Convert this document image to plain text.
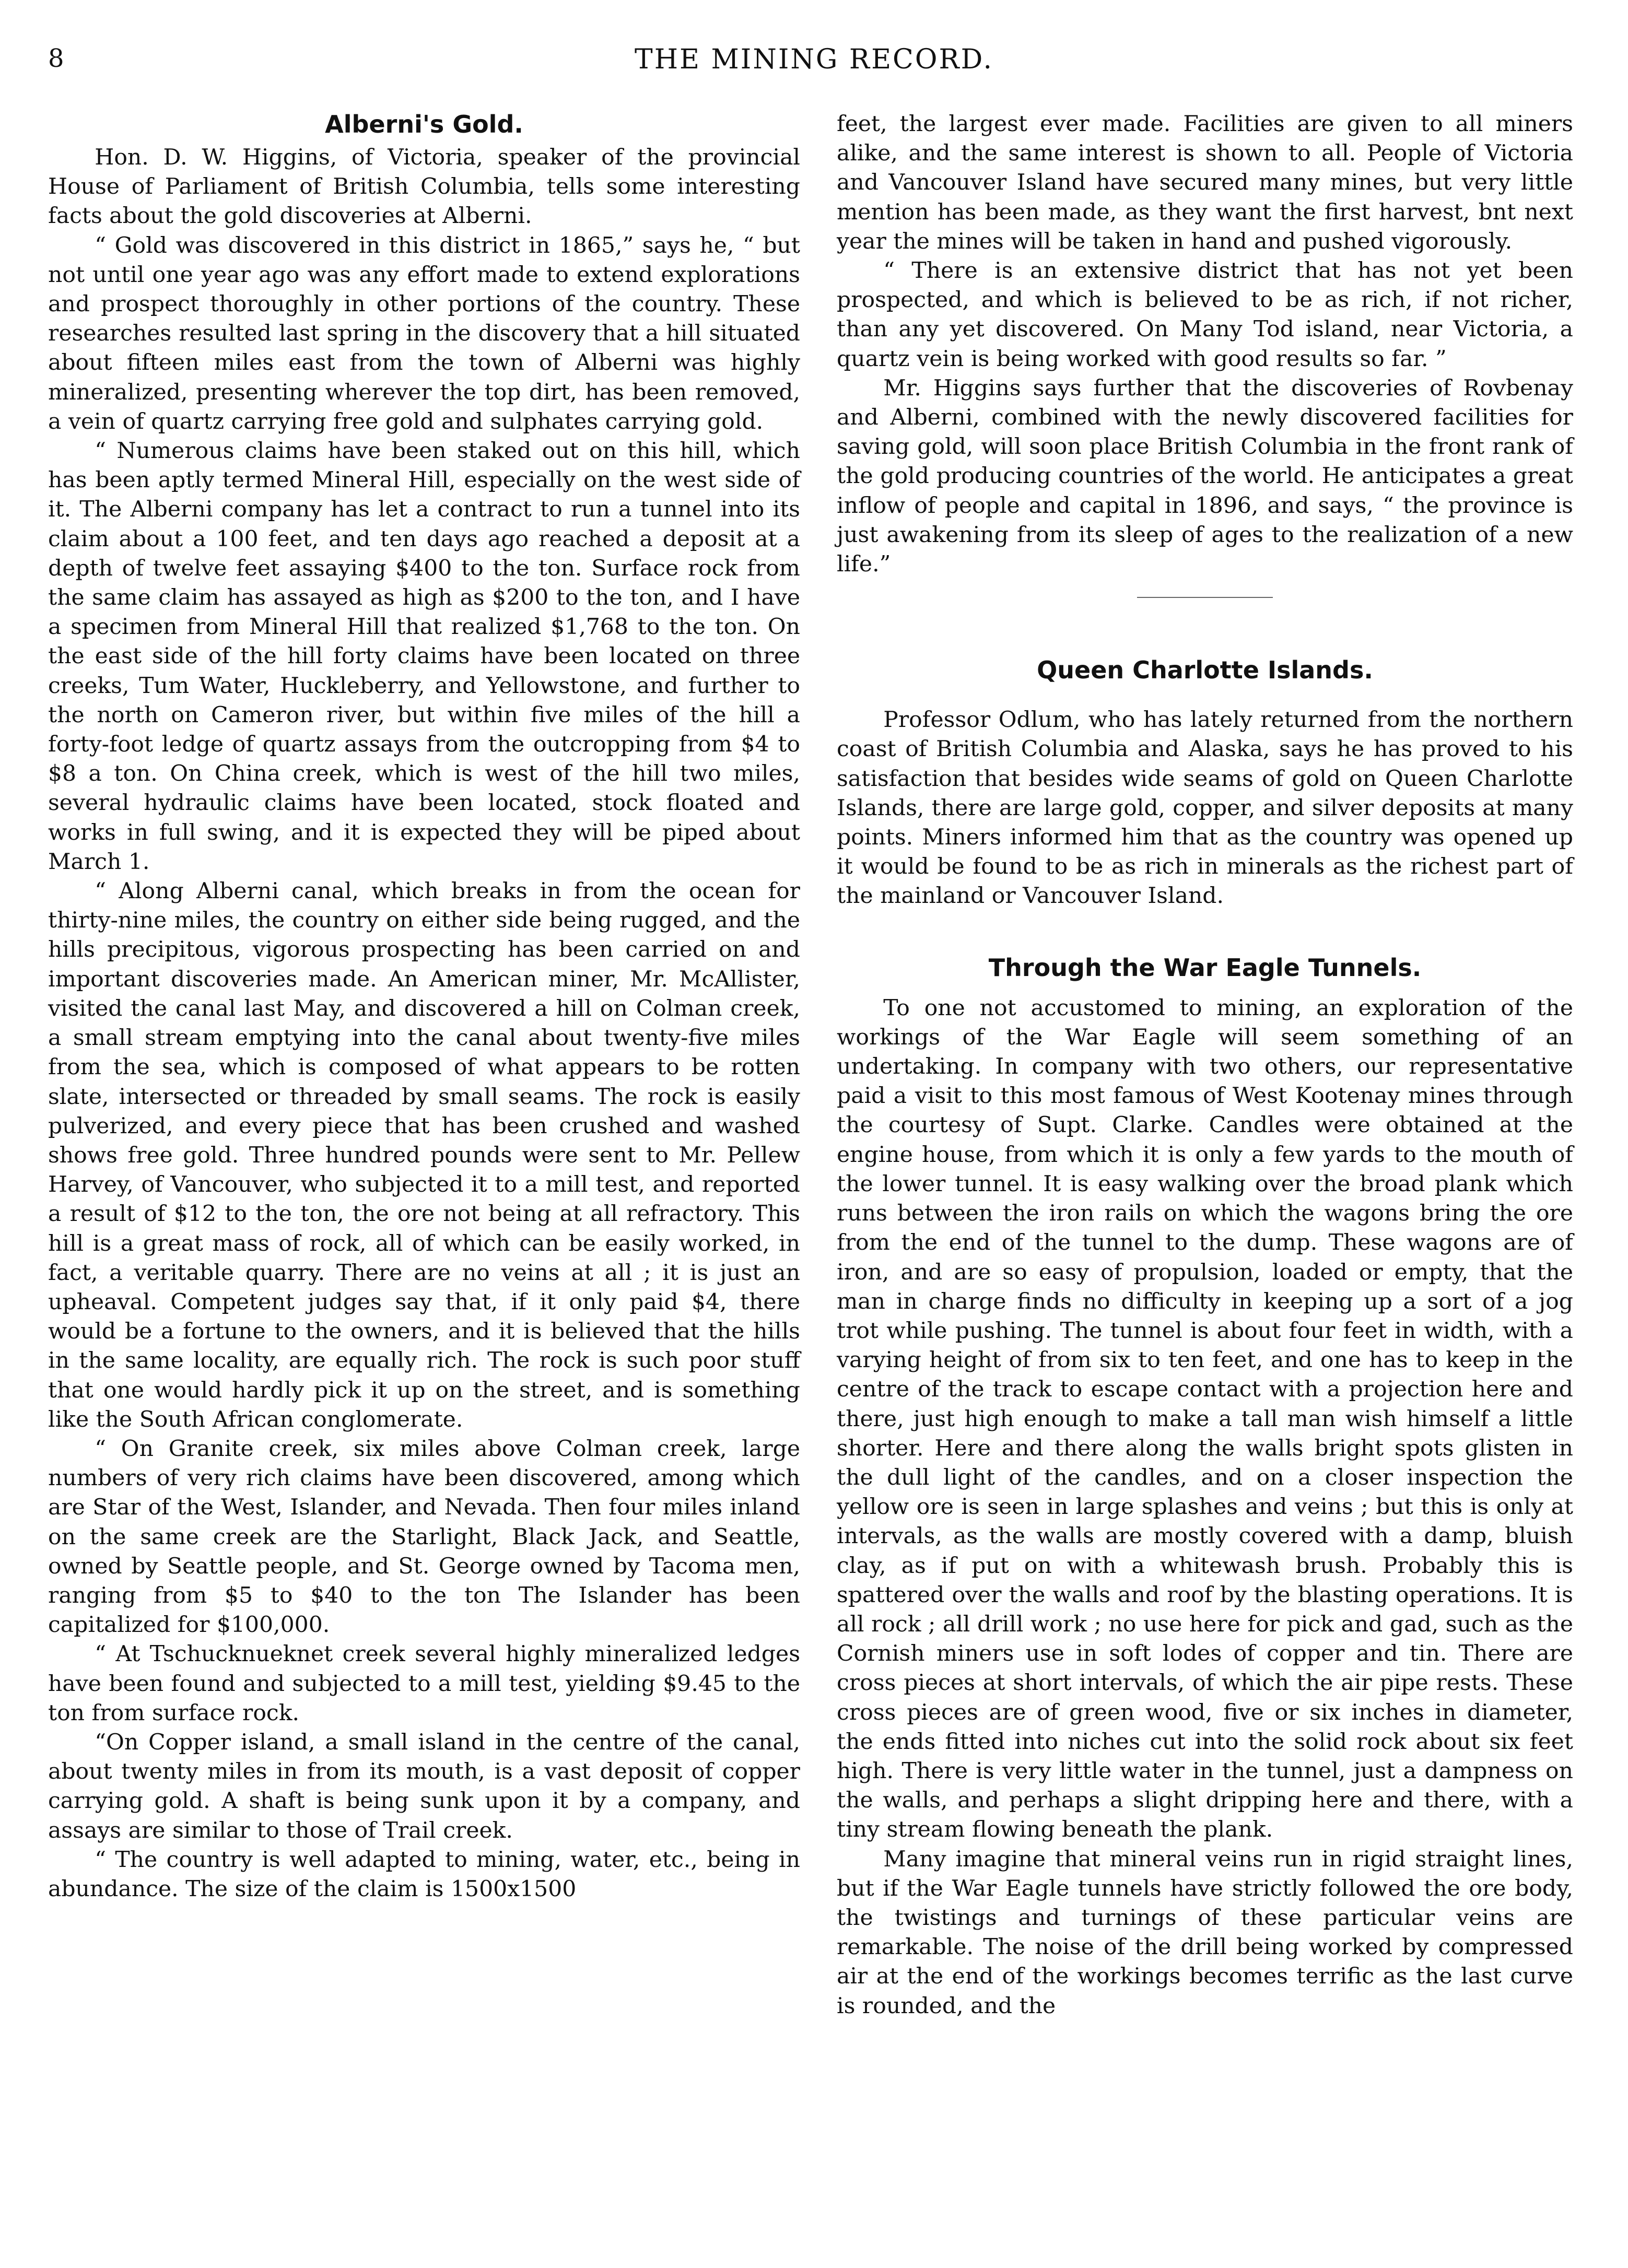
8	THE MINING RECORD.
Alberni's Gold.

Hon. D. W. Higgins, of Victoria, speaker of the provincial House of Parliament of British Columbia, tells some interesting facts about the gold discoveries at Alberni.

“ Gold was discovered in this district in 1865,” says he, “ but not until one year ago was any effort made to extend explorations and prospect thoroughly in other portions of the country. These researches resulted last spring in the discovery that a hill situated about fifteen miles east from the town of Alberni was highly mineralized, presenting wherever the top dirt, has been removed, a vein of quartz carrying free gold and sulphates carrying gold.

“ Numerous claims have been staked out on this hill, which has been aptly termed Mineral Hill, especially on the west side of it. The Alberni company has let a contract to run a tunnel into its claim about a 100 feet, and ten days ago reached a deposit at a depth of twelve feet assaying $400 to the ton. Surface rock from the same claim has assayed as high as $200 to the ton, and I have a specimen from Mineral Hill that realized $1,768 to the ton. On the east side of the hill forty claims have been located on three creeks, Tum Water, Huckleberry, and Yellowstone, and further to the north on Cameron river, but within five miles of the hill a forty-foot ledge of quartz assays from the outcropping from $4 to $8 a ton. On China creek, which is west of the hill two miles, several hydraulic claims have been located, stock floated and works in full swing, and it is expected they will be piped about March 1.

“ Along Alberni canal, which breaks in from the ocean for thirty-nine miles, the country on either side being rugged, and the hills precipitous, vigorous prospecting has been carried on and important discoveries made. An American miner, Mr. McAllister, visited the canal last May, and discovered a hill on Colman creek, a small stream emptying into the canal about twenty-five miles from the sea, which is composed of what appears to be rotten slate, intersected or threaded by small seams. The rock is easily pulverized, and every piece that has been crushed and washed shows free gold. Three hundred pounds were sent to Mr. Pellew Harvey, of Vancouver, who subjected it to a mill test, and reported a result of $12 to the ton, the ore not being at all refractory. This hill is a great mass of rock, all of which can be easily worked, in fact, a veritable quarry. There are no veins at all ; it is just an upheaval. Competent judges say that, if it only paid $4, there would be a fortune to the owners, and it is believed that the hills in the same locality, are equally rich. The rock is such poor stuff that one would hardly pick it up on the street, and is something like the South African conglomerate.

“ On Granite creek, six miles above Colman creek, large numbers of very rich claims have been discovered, among which are Star of the West, Islander, and Nevada. Then four miles inland on the same creek are the Starlight, Black Jack, and Seattle, owned by Seattle people, and St. George owned by Tacoma men, ranging from $5 to $40 to the ton The Islander has been capitalized for $100,000.

“ At Tschucknueknet creek several highly mineralized ledges have been found and subjected to a mill test, yielding $9.45 to the ton from surface rock.

“On Copper island, a small island in the centre of the canal, about twenty miles in from its mouth, is a vast deposit of copper carrying gold. A shaft is being sunk upon it by a company, and assays are similar to those of Trail creek.

“ The country is well adapted to mining, water, etc., being in abundance. The size of the claim is 1500x1500

feet, the largest ever made. Facilities are given to all miners alike, and the same interest is shown to all. People of Victoria and Vancouver Island have secured many mines, but very little mention has been made, as they want the first harvest, bnt next year the mines will be taken in hand and pushed vigorously.

“ There is an extensive district that has not yet been prospected, and which is believed to be as rich, if not richer, than any yet discovered. On Many Tod island, near Victoria, a quartz vein is being worked with good results so far. ”

Mr. Higgins says further that the discoveries of Rovbenay and Alberni, combined with the newly discovered facilities for saving gold, will soon place British Columbia in the front rank of the gold producing countries of the world. He anticipates a great inflow of people and capital in 1896, and says, “ the province is just awakening from its sleep of ages to the realization of a new life.”

Queen Charlotte Islands.

Professor Odlum, who has lately returned from the northern coast of British Columbia and Alaska, says he has proved to his satisfaction that besides wide seams of gold on Queen Charlotte Islands, there are large gold, copper, and silver deposits at many points. Miners informed him that as the country was opened up it would be found to be as rich in minerals as the richest part of the mainland or Vancouver Island.

Through the War Eagle Tunnels.

To one not accustomed to mining, an exploration of the workings of the War Eagle will seem something of an undertaking. In company with two others, our representative paid a visit to this most famous of West Kootenay mines through the courtesy of Supt. Clarke. Candles were obtained at the engine house, from which it is only a few yards to the mouth of the lower tunnel. It is easy walking over the broad plank which runs between the iron rails on which the wagons bring the ore from the end of the tunnel to the dump. These wagons are of iron, and are so easy of propulsion, loaded or empty, that the man in charge finds no difficulty in keeping up a sort of a jog trot while pushing. The tunnel is about four feet in width, with a varying height of from six to ten feet, and one has to keep in the centre of the track to escape contact with a projection here and there, just high enough to make a tall man wish himself a little shorter. Here and there along the walls bright spots glisten in the dull light of the candles, and on a closer inspection the yellow ore is seen in large splashes and veins ; but this is only at intervals, as the walls are mostly covered with a damp, bluish clay, as if put on with a whitewash brush. Probably this is spattered over the walls and roof by the blasting operations. It is all rock ; all drill work ; no use here for pick and gad, such as the Cornish miners use in soft lodes of copper and tin. There are cross pieces at short intervals, of which the air pipe rests. These cross pieces are of green wood, five or six inches in diameter, the ends fitted into niches cut into the solid rock about six feet high. There is very little water in the tunnel, just a dampness on the walls, and perhaps a slight dripping here and there, with a tiny stream flowing beneath the plank.

Many imagine that mineral veins run in rigid straight lines, but if the War Eagle tunnels have strictly followed the ore body, the twistings and turnings of these particular veins are remarkable. The noise of the drill being worked by compressed air at the end of the workings becomes terrific as the last curve is rounded, and the
